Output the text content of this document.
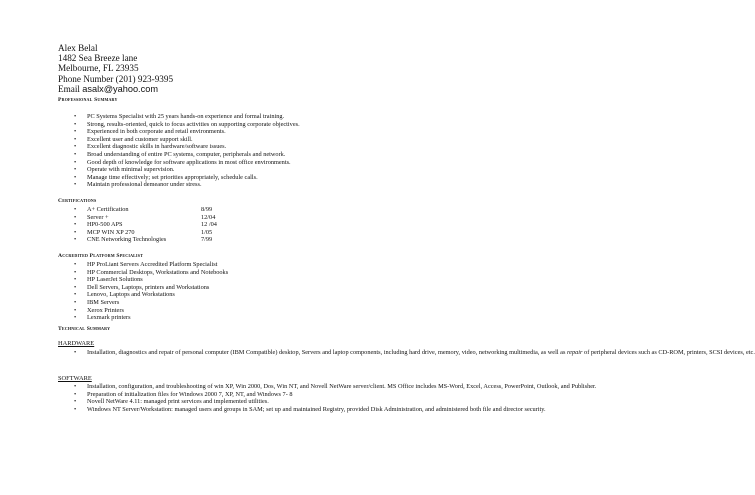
Alex Belal
1482 Sea Breeze lane
Melbourne, FL 23935
Phone Number (201) 923-9395
Email asalx@yahoo.com
Professional Summary
• PC Systems Specialist with 25 years hands-on experience and formal training.
• Strong, results-oriented, quick to focus activities on supporting corporate objectives.
• Experienced in both corporate and retail environments.
• Excellent user and customer support skill.
• Excellent diagnostic skills in hardware/software issues.
• Broad understanding of entire PC systems, computer, peripherals and network.
• Good depth of knowledge for software applications in most office environments.
• Operate with minimal supervision.
• Manage time effectively; set priorities appropriately, schedule calls.
• Maintain professional demeanor under stress.
Certifications
•	A+ Certification	8/99
•	Server +	12/04
•	HP0-500 APS	12 /04
•	MCP WIN XP 270	1/05
•	CNE Networking Technologies	7/99
Accredited Platform Specialist
• HP ProLiant Servers Accredited Platform Specialist
• HP Commercial Desktops, Workstations and Notebooks
• HP LaserJet Solutions
• Dell Servers, Laptops, printers and Workstations
• Lenovo, Laptops and Workstations
• IBM Servers
• Xerox Printers
• Lexmark printers
Technical Summary
HARDWARE
• Installation, diagnostics and repair of personal computer (IBM Compatible) desktop, Servers and laptop components, including hard drive, memory, video, networking multimedia, as well as repair of peripheral devices such as CD-ROM, printers, SCSI devices, etc.
SOFTWARE
• Installation, configuration, and troubleshooting of win XP, Win 2000, Dos, Win NT, and Novell NetWare server/client. MS Office includes MS-Word, Excel, Access, PowerPoint, Outlook, and Publisher.
• Preparation of initialization files for Windows 2000 7, XP, NT, and Windows 7- 8
• Novell NetWare 4.11: managed print services and implemented utilities.
• Windows NT Server/Workstation: managed users and groups in SAM; set up and maintained Registry, provided Disk Administration, and administered both file and director security.
